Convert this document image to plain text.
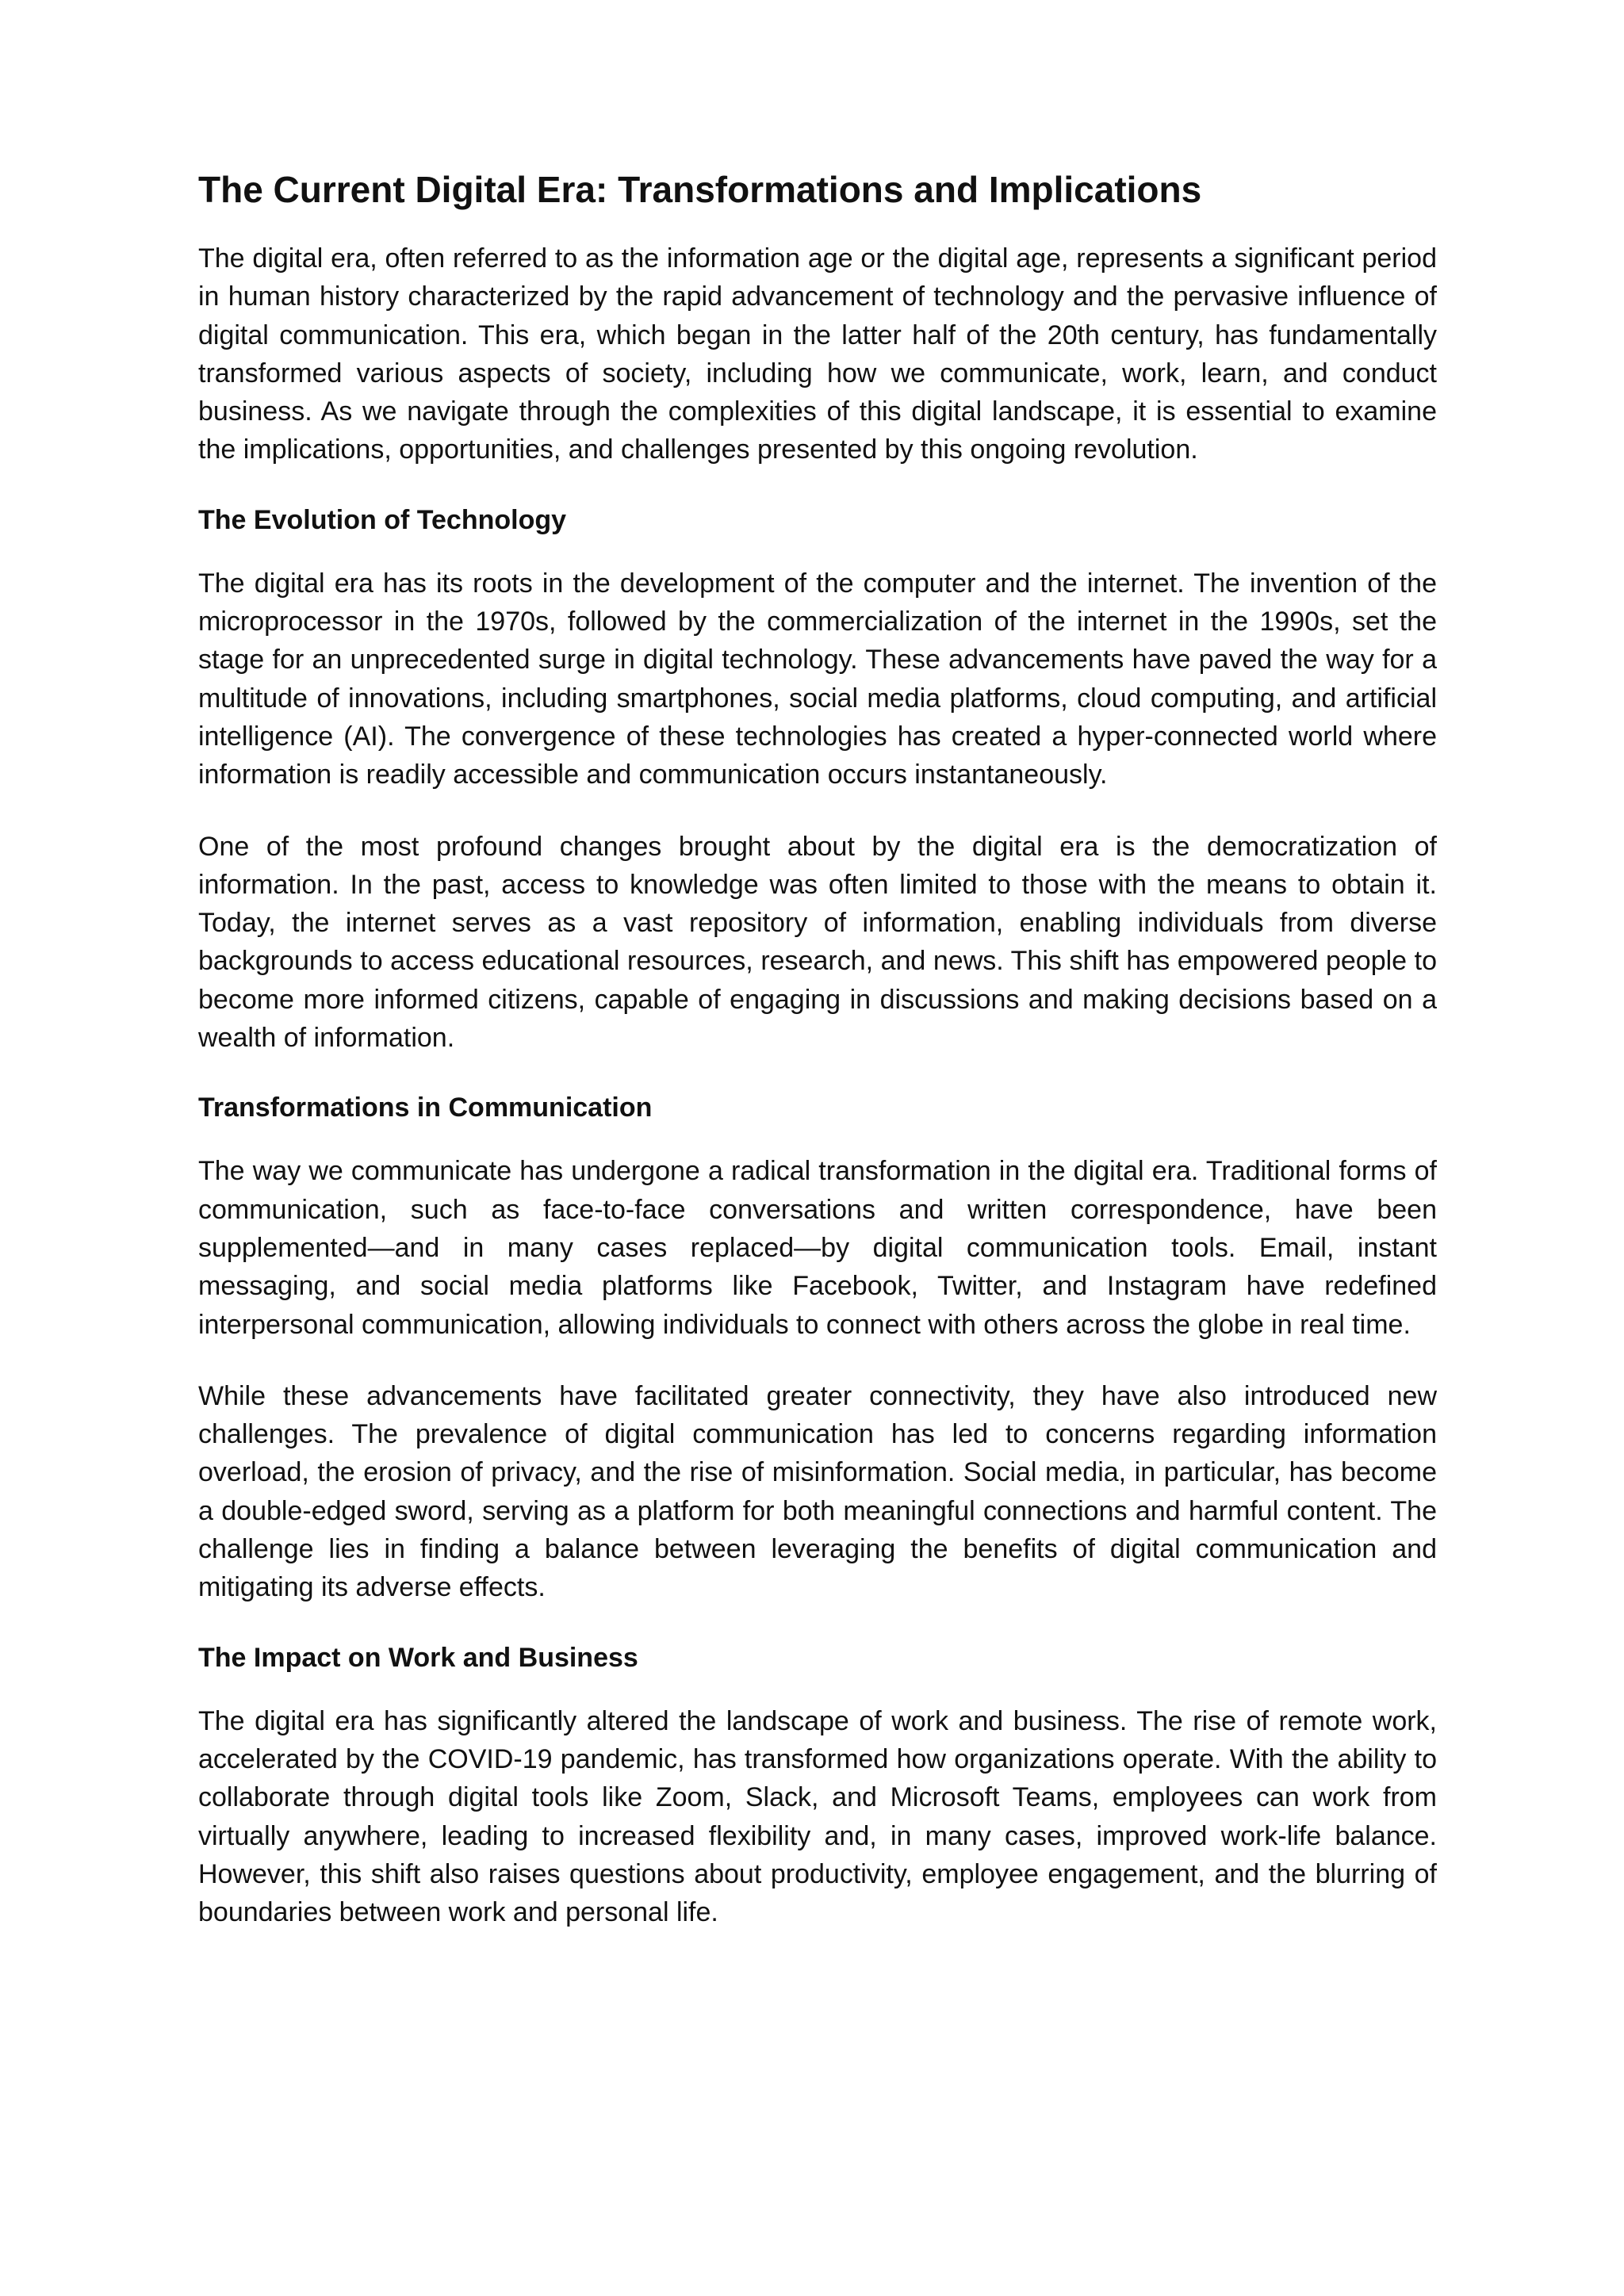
The Current Digital Era: Transformations and Implications

The digital era, often referred to as the information age or the digital age, represents a significant period in human history characterized by the rapid advancement of technology and the pervasive influence of digital communication. This era, which began in the latter half of the 20th century, has fundamentally transformed various aspects of society, including how we communicate, work, learn, and conduct business. As we navigate through the complexities of this digital landscape, it is essential to examine the implications, opportunities, and challenges presented by this ongoing revolution.

The Evolution of Technology

The digital era has its roots in the development of the computer and the internet. The invention of the microprocessor in the 1970s, followed by the commercialization of the internet in the 1990s, set the stage for an unprecedented surge in digital technology. These advancements have paved the way for a multitude of innovations, including smartphones, social media platforms, cloud computing, and artificial intelligence (AI). The convergence of these technologies has created a hyper-connected world where information is readily accessible and communication occurs instantaneously.

One of the most profound changes brought about by the digital era is the democratization of information. In the past, access to knowledge was often limited to those with the means to obtain it. Today, the internet serves as a vast repository of information, enabling individuals from diverse backgrounds to access educational resources, research, and news. This shift has empowered people to become more informed citizens, capable of engaging in discussions and making decisions based on a wealth of information.

Transformations in Communication

The way we communicate has undergone a radical transformation in the digital era. Traditional forms of communication, such as face-to-face conversations and written correspondence, have been supplemented—and in many cases replaced—by digital communication tools. Email, instant messaging, and social media platforms like Facebook, Twitter, and Instagram have redefined interpersonal communication, allowing individuals to connect with others across the globe in real time.

While these advancements have facilitated greater connectivity, they have also introduced new challenges. The prevalence of digital communication has led to concerns regarding information overload, the erosion of privacy, and the rise of misinformation. Social media, in particular, has become a double-edged sword, serving as a platform for both meaningful connections and harmful content. The challenge lies in finding a balance between leveraging the benefits of digital communication and mitigating its adverse effects.

The Impact on Work and Business

The digital era has significantly altered the landscape of work and business. The rise of remote work, accelerated by the COVID-19 pandemic, has transformed how organizations operate. With the ability to collaborate through digital tools like Zoom, Slack, and Microsoft Teams, employees can work from virtually anywhere, leading to increased flexibility and, in many cases, improved work-life balance. However, this shift also raises questions about productivity, employee engagement, and the blurring of boundaries between work and personal life.
